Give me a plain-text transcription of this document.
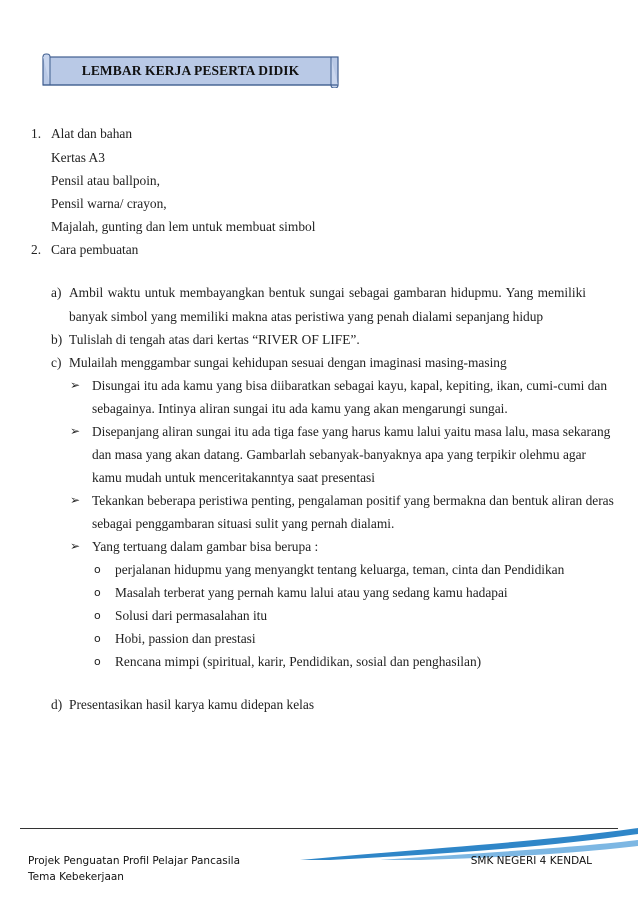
LEMBAR KERJA PESERTA DIDIK
1. Alat dan bahan
Kertas A3
Pensil atau ballpoin,
Pensil warna/ crayon,
Majalah, gunting dan lem untuk membuat simbol
2. Cara pembuatan
a) Ambil waktu untuk membayangkan bentuk sungai sebagai gambaran hidupmu. Yang memiliki
banyak simbol yang memiliki makna atas peristiwa yang penah dialami sepanjang hidup
b) Tulislah di tengah atas dari kertas “RIVER OF LIFE”.
c) Mulailah menggambar sungai kehidupan sesuai dengan imaginasi masing-masing
➢ Disungai itu ada kamu yang bisa diibaratkan sebagai kayu, kapal, kepiting, ikan, cumi-cumi dan
sebagainya. Intinya aliran sungai itu ada kamu yang akan mengarungi sungai.
➢ Disepanjang aliran sungai itu ada tiga fase yang harus kamu lalui yaitu masa lalu, masa sekarang
dan masa yang akan datang. Gambarlah sebanyak-banyaknya apa yang terpikir olehmu agar
kamu mudah untuk menceritakanntya saat presentasi
➢ Tekankan beberapa peristiwa penting, pengalaman positif yang bermakna dan bentuk aliran deras
sebagai penggambaran situasi sulit yang pernah dialami.
➢ Yang tertuang dalam gambar bisa berupa :
o perjalanan hidupmu yang menyangkt tentang keluarga, teman, cinta dan Pendidikan
o Masalah terberat yang pernah kamu lalui atau yang sedang kamu hadapai
o Solusi dari permasalahan itu
o Hobi, passion dan prestasi
o Rencana mimpi (spiritual, karir, Pendidikan, sosial dan penghasilan)
d) Presentasikan hasil karya kamu didepan kelas
Projek Penguatan Profil Pelajar Pancasila
Tema Kebekerjaan
SMK NEGERI 4 KENDAL
